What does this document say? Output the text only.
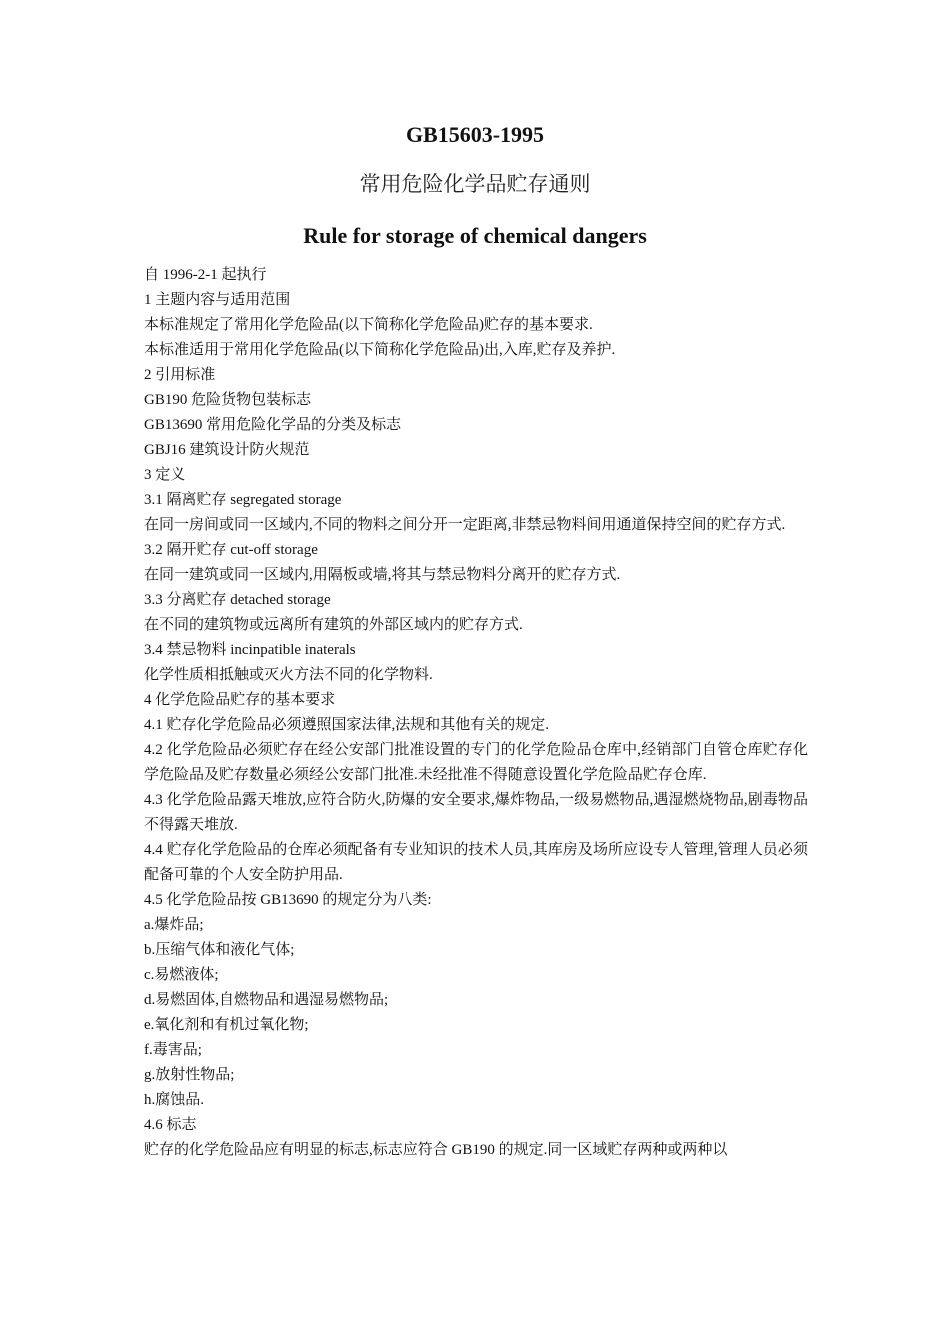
GB15603-1995
常用危险化学品贮存通则
Rule for storage of chemical dangers
自 1996-2-1 起执行
1 主题内容与适用范围
本标准规定了常用化学危险品(以下简称化学危险品)贮存的基本要求.
本标准适用于常用化学危险品(以下简称化学危险品)出,入库,贮存及养护.
2 引用标准
GB190 危险货物包装标志
GB13690 常用危险化学品的分类及标志
GBJ16 建筑设计防火规范
3 定义
3.1 隔离贮存 segregated storage
在同一房间或同一区域内,不同的物料之间分开一定距离,非禁忌物料间用通道保持空间的贮存方式.
3.2 隔开贮存 cut-off storage
在同一建筑或同一区域内,用隔板或墙,将其与禁忌物料分离开的贮存方式.
3.3 分离贮存 detached storage
在不同的建筑物或远离所有建筑的外部区域内的贮存方式.
3.4 禁忌物料 incinpatible inaterals
化学性质相抵触或灭火方法不同的化学物料.
4 化学危险品贮存的基本要求
4.1 贮存化学危险品必须遵照国家法律,法规和其他有关的规定.
4.2 化学危险品必须贮存在经公安部门批准设置的专门的化学危险品仓库中,经销部门自管仓库贮存化学危险品及贮存数量必须经公安部门批准.未经批准不得随意设置化学危险品贮存仓库.
4.3 化学危险品露天堆放,应符合防火,防爆的安全要求,爆炸物品,一级易燃物品,遇湿燃烧物品,剧毒物品不得露天堆放.
4.4 贮存化学危险品的仓库必须配备有专业知识的技术人员,其库房及场所应设专人管理,管理人员必须配备可靠的个人安全防护用品.
4.5 化学危险品按 GB13690 的规定分为八类:
a.爆炸品;
b.压缩气体和液化气体;
c.易燃液体;
d.易燃固体,自燃物品和遇湿易燃物品;
e.氧化剂和有机过氧化物;
f.毒害品;
g.放射性物品;
h.腐蚀品.
4.6 标志
贮存的化学危险品应有明显的标志,标志应符合 GB190 的规定.同一区域贮存两种或两种以
